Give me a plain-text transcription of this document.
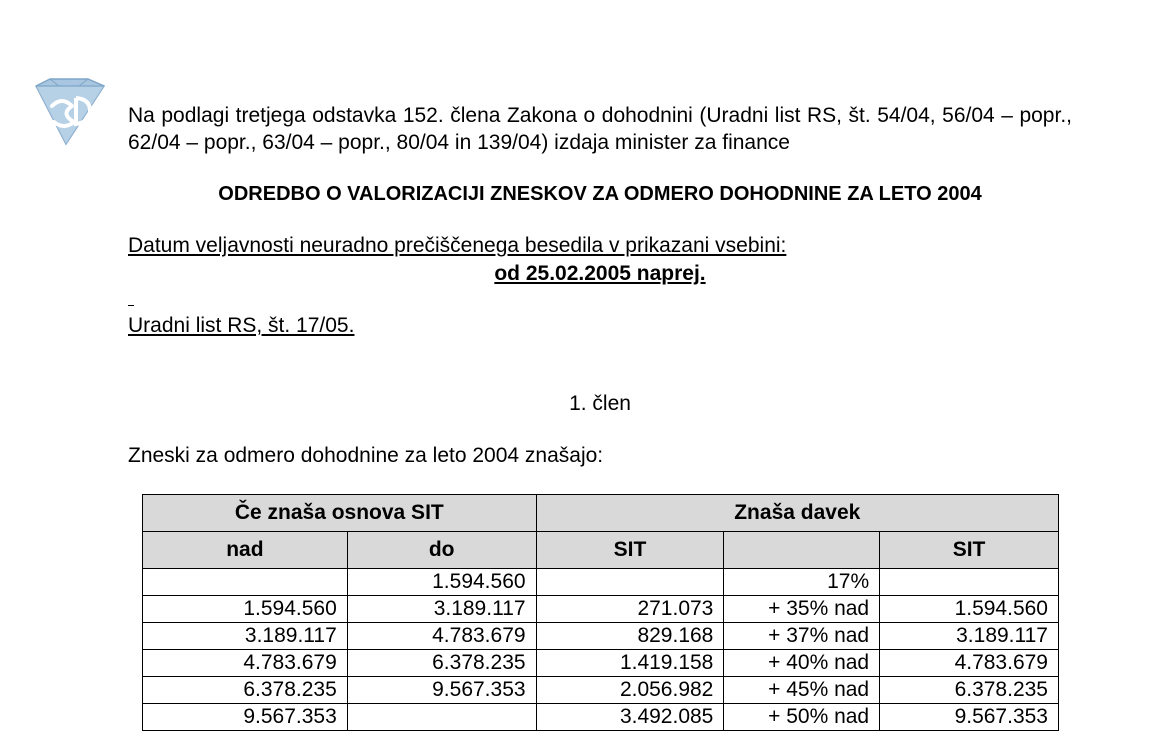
Na podlagi tretjega odstavka 152. člena Zakona o dohodnini (Uradni list RS, št. 54/04, 56/04 – popr., 62/04 – popr., 63/04 – popr., 80/04 in 139/04) izdaja minister za finance
ODREDBO O VALORIZACIJI ZNESKOV ZA ODMERO DOHODNINE ZA LETO 2004
Datum veljavnosti neuradno prečiščenega besedila v prikazani vsebini:
od 25.02.2005 naprej.
Uradni list RS, št. 17/05.
1. člen
Zneski za odmero dohodnine za leto 2004 znašajo:
Če znaša osnova SIT		Znaša davek		
nad	do	SIT		SIT
	1.594.560		17%	
1.594.560	3.189.117	271.073	+ 35% nad	1.594.560
3.189.117	4.783.679	829.168	+ 37% nad	3.189.117
4.783.679	6.378.235	1.419.158	+ 40% nad	4.783.679
6.378.235	9.567.353	2.056.982	+ 45% nad	6.378.235
9.567.353		3.492.085	+ 50% nad	9.567.353
